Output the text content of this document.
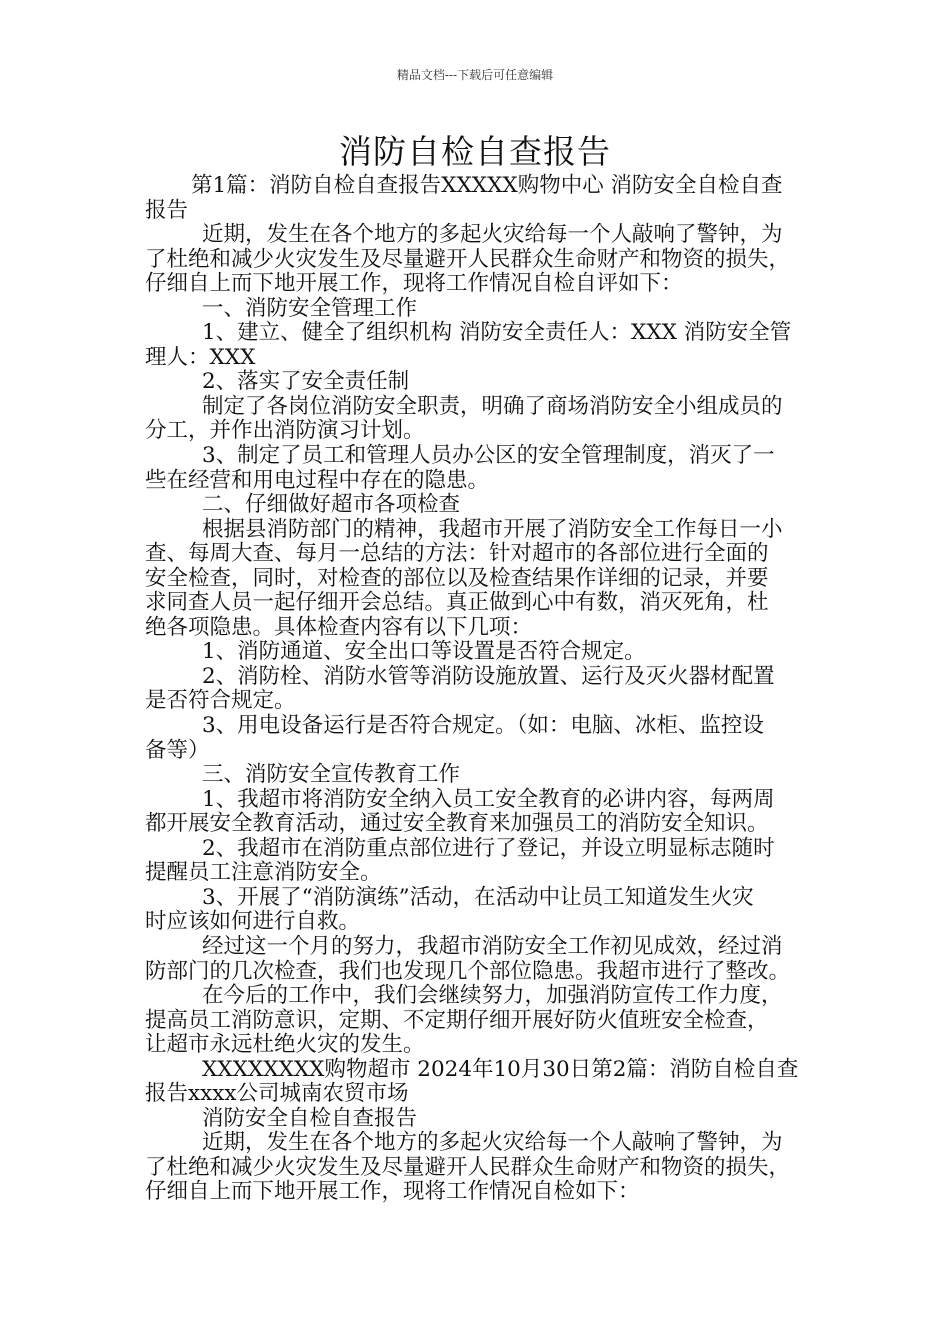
精品文档---下载后可任意编辑
消防自检自查报告
第1篇：消防自检自查报告XXXXX购物中心 消防安全自检自查
报告
近期，发生在各个地方的多起火灾给每一个人敲响了警钟，为
了杜绝和减少火灾发生及尽量避开人民群众生命财产和物资的损失，
仔细自上而下地开展工作，现将工作情况自检自评如下：
一、消防安全管理工作
1、建立、健全了组织机构 消防安全责任人：XXX 消防安全管
理人：XXX
2、落实了安全责任制
制定了各岗位消防安全职责，明确了商场消防安全小组成员的
分工，并作出消防演习计划。
3、制定了员工和管理人员办公区的安全管理制度，消灭了一
些在经营和用电过程中存在的隐患。
二、仔细做好超市各项检查
根据县消防部门的精神，我超市开展了消防安全工作每日一小
查、每周大查、每月一总结的方法：针对超市的各部位进行全面的
安全检查，同时，对检查的部位以及检查结果作详细的记录，并要
求同查人员一起仔细开会总结。真正做到心中有数，消灭死角，杜
绝各项隐患。具体检查内容有以下几项：
1、消防通道、安全出口等设置是否符合规定。
2、消防栓、消防水管等消防设施放置、运行及灭火器材配置
是否符合规定。
3、用电设备运行是否符合规定。（如：电脑、冰柜、监控设
备等）
三、消防安全宣传教育工作
1、我超市将消防安全纳入员工安全教育的必讲内容，每两周
都开展安全教育活动，通过安全教育来加强员工的消防安全知识。
2、我超市在消防重点部位进行了登记，并设立明显标志随时
提醒员工注意消防安全。
3、开展了“消防演练”活动，在活动中让员工知道发生火灾
时应该如何进行自救。
经过这一个月的努力，我超市消防安全工作初见成效，经过消
防部门的几次检查，我们也发现几个部位隐患。我超市进行了整改。
在今后的工作中，我们会继续努力，加强消防宣传工作力度，
提高员工消防意识，定期、不定期仔细开展好防火值班安全检查，
让超市永远杜绝火灾的发生。
XXXXXXXX购物超市 2024年10月30日第2篇：消防自检自查
报告xxxx公司城南农贸市场
消防安全自检自查报告
近期，发生在各个地方的多起火灾给每一个人敲响了警钟，为
了杜绝和减少火灾发生及尽量避开人民群众生命财产和物资的损失，
仔细自上而下地开展工作，现将工作情况自检如下：
